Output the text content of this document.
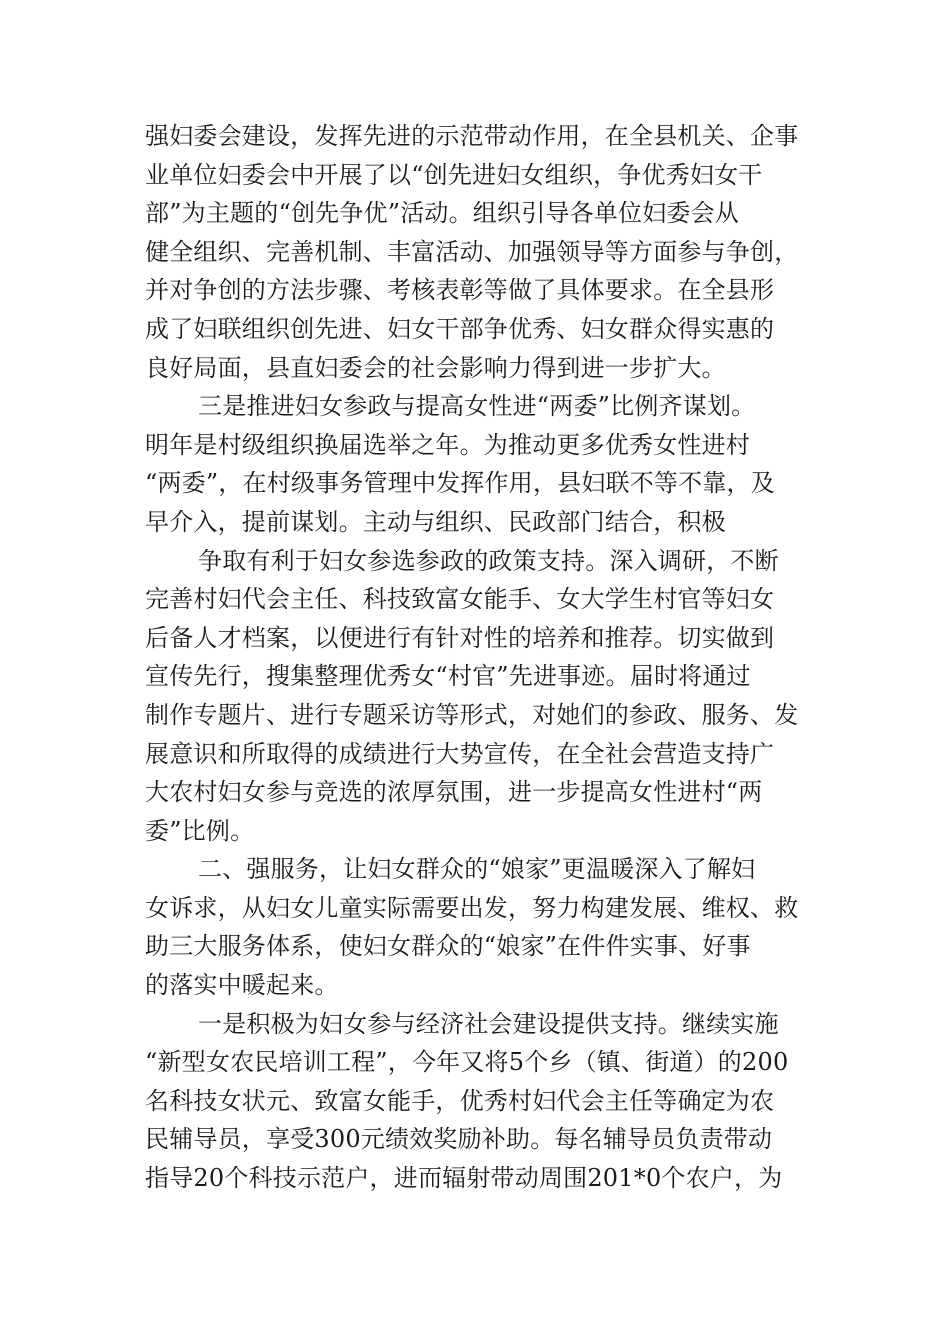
强妇委会建设，发挥先进的示范带动作用，在全县机关、企事
业单位妇委会中开展了以“创先进妇女组织，争优秀妇女干
部”为主题的“创先争优”活动。组织引导各单位妇委会从
健全组织、完善机制、丰富活动、加强领导等方面参与争创，
并对争创的方法步骤、考核表彰等做了具体要求。在全县形
成了妇联组织创先进、妇女干部争优秀、妇女群众得实惠的
良好局面，县直妇委会的社会影响力得到进一步扩大。
三是推进妇女参政与提高女性进“两委”比例齐谋划。
明年是村级组织换届选举之年。为推动更多优秀女性进村
“两委”，在村级事务管理中发挥作用，县妇联不等不靠，及
早介入，提前谋划。主动与组织、民政部门结合，积极
争取有利于妇女参选参政的政策支持。深入调研，不断
完善村妇代会主任、科技致富女能手、女大学生村官等妇女
后备人才档案，以便进行有针对性的培养和推荐。切实做到
宣传先行，搜集整理优秀女“村官”先进事迹。届时将通过
制作专题片、进行专题采访等形式，对她们的参政、服务、发
展意识和所取得的成绩进行大势宣传，在全社会营造支持广
大农村妇女参与竞选的浓厚氛围，进一步提高女性进村“两
委”比例。
二、强服务，让妇女群众的“娘家”更温暖深入了解妇
女诉求，从妇女儿童实际需要出发，努力构建发展、维权、救
助三大服务体系，使妇女群众的“娘家”在件件实事、好事
的落实中暖起来。
一是积极为妇女参与经济社会建设提供支持。继续实施
“新型女农民培训工程”，今年又将5个乡（镇、街道）的200
名科技女状元、致富女能手，优秀村妇代会主任等确定为农
民辅导员，享受300元绩效奖励补助。每名辅导员负责带动
指导20个科技示范户，进而辐射带动周围201*0个农户，为
